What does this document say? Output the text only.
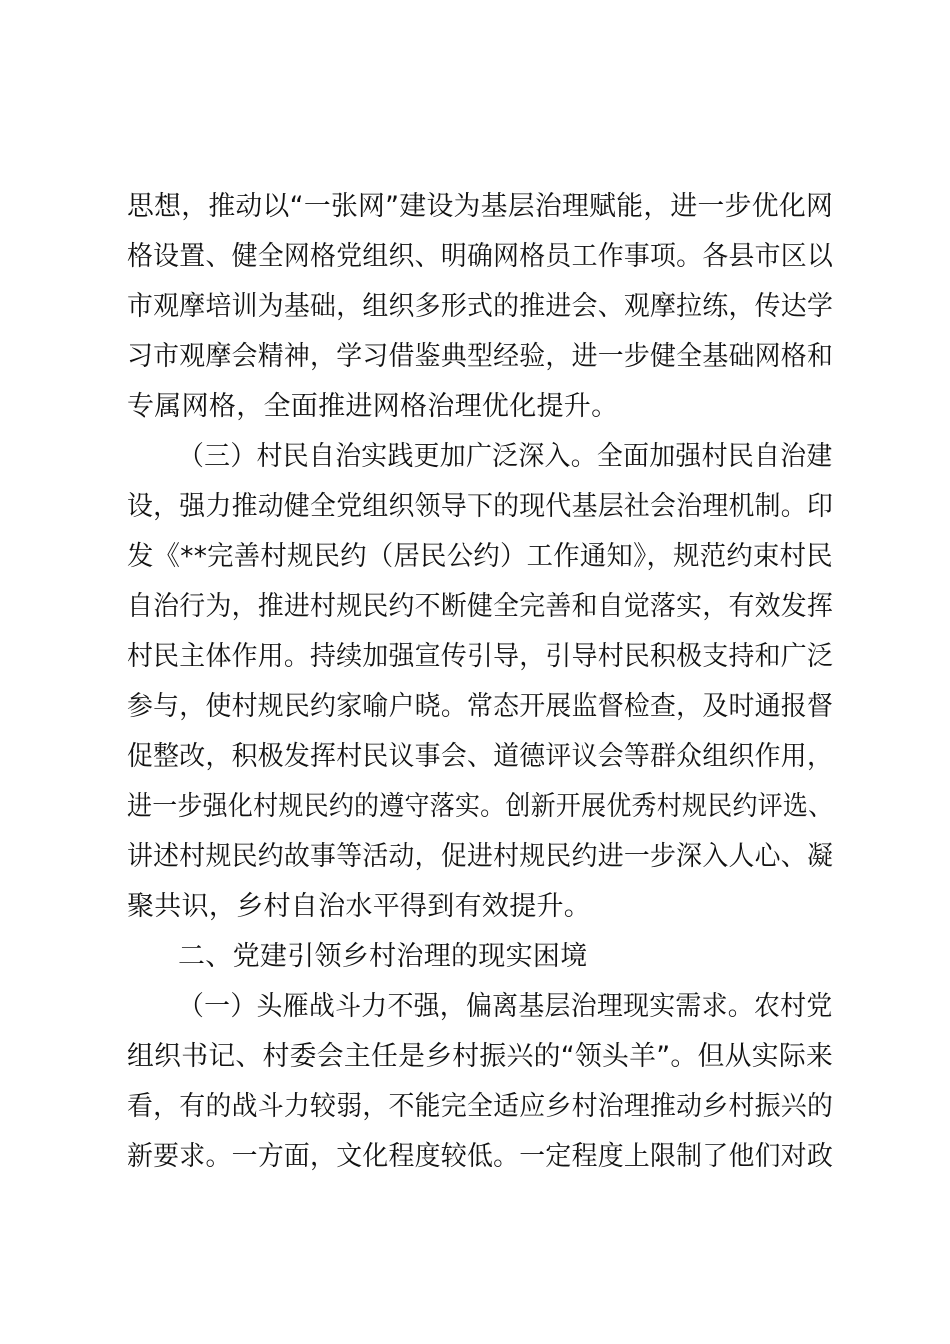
思想，推动以“一张网”建设为基层治理赋能，进一步优化网
格设置、健全网格党组织、明确网格员工作事项。各县市区以
市观摩培训为基础，组织多形式的推进会、观摩拉练，传达学
习市观摩会精神，学习借鉴典型经验，进一步健全基础网格和
专属网格，全面推进网格治理优化提升。
（三）村民自治实践更加广泛深入。全面加强村民自治建
设，强力推动健全党组织领导下的现代基层社会治理机制。印
发《**完善村规民约（居民公约）工作通知》，规范约束村民
自治行为，推进村规民约不断健全完善和自觉落实，有效发挥
村民主体作用。持续加强宣传引导，引导村民积极支持和广泛
参与，使村规民约家喻户晓。常态开展监督检查，及时通报督
促整改，积极发挥村民议事会、道德评议会等群众组织作用，
进一步强化村规民约的遵守落实。创新开展优秀村规民约评选、
讲述村规民约故事等活动，促进村规民约进一步深入人心、凝
聚共识，乡村自治水平得到有效提升。
二、党建引领乡村治理的现实困境
（一）头雁战斗力不强，偏离基层治理现实需求。农村党
组织书记、村委会主任是乡村振兴的“领头羊”。但从实际来
看，有的战斗力较弱，不能完全适应乡村治理推动乡村振兴的
新要求。一方面，文化程度较低。一定程度上限制了他们对政
